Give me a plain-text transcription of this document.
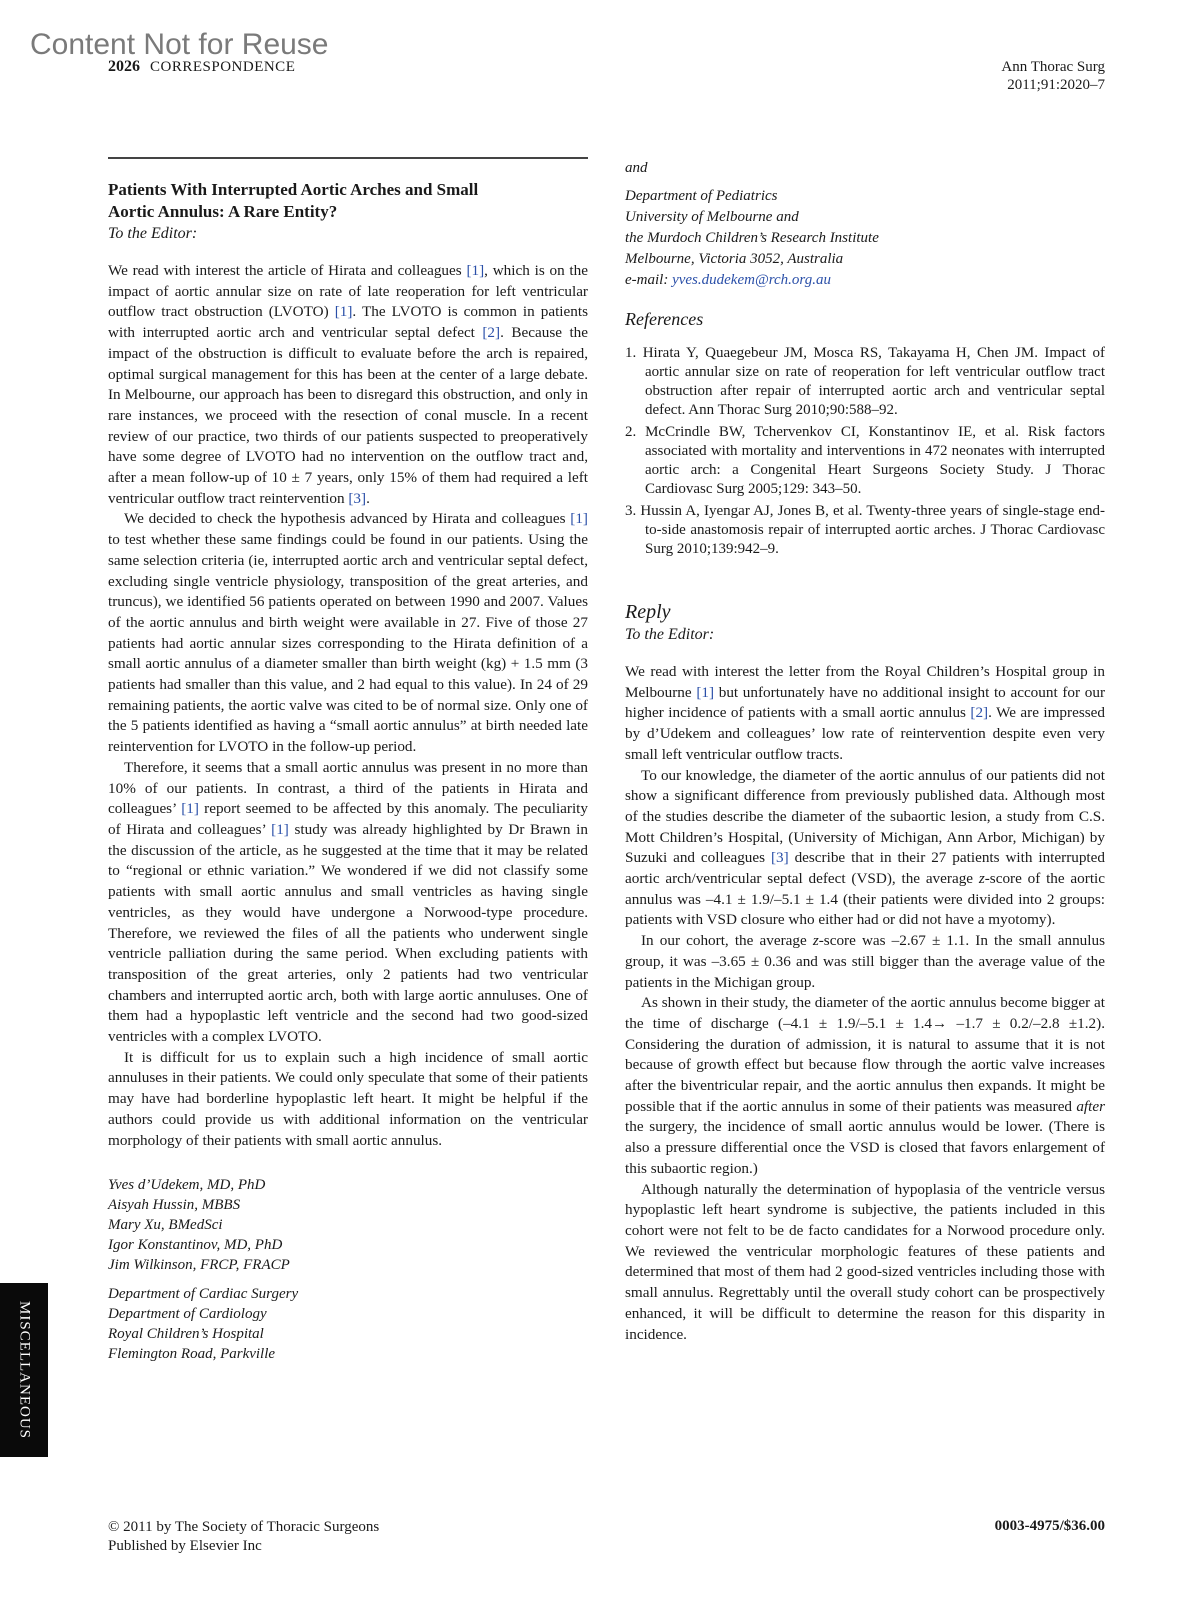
Content Not for Reuse
2026 CORRESPONDENCE	Ann Thorac Surg
2011;91:2020–7
Patients With Interrupted Aortic Arches and Small
Aortic Annulus: A Rare Entity?
To the Editor:

We read with interest the article of Hirata and colleagues [1], which is on the impact of aortic annular size on rate of late reoperation for left ventricular outflow tract obstruction (LVOTO) [1]. The LVOTO is common in patients with interrupted aortic arch and ventricular septal defect [2]. Because the impact of the obstruction is difficult to evaluate before the arch is repaired, optimal surgical management for this has been at the center of a large debate. In Melbourne, our approach has been to disregard this obstruction, and only in rare instances, we proceed with the resection of conal muscle. In a recent review of our practice, two thirds of our patients suspected to preoperatively have some degree of LVOTO had no intervention on the outflow tract and, after a mean follow-up of 10 ± 7 years, only 15% of them had required a left ventricular outflow tract reintervention [3].

We decided to check the hypothesis advanced by Hirata and colleagues [1] to test whether these same findings could be found in our patients. Using the same selection criteria (ie, interrupted aortic arch and ventricular septal defect, excluding single ventricle physiology, transposition of the great arteries, and truncus), we identified 56 patients operated on between 1990 and 2007. Values of the aortic annulus and birth weight were available in 27. Five of those 27 patients had aortic annular sizes corresponding to the Hirata definition of a small aortic annulus of a diameter smaller than birth weight (kg) + 1.5 mm (3 patients had smaller than this value, and 2 had equal to this value). In 24 of 29 remaining patients, the aortic valve was cited to be of normal size. Only one of the 5 patients identified as having a “small aortic annulus” at birth needed late reintervention for LVOTO in the follow-up period.

Therefore, it seems that a small aortic annulus was present in no more than 10% of our patients. In contrast, a third of the patients in Hirata and colleagues’ [1] report seemed to be affected by this anomaly. The peculiarity of Hirata and colleagues’ [1] study was already highlighted by Dr Brawn in the discussion of the article, as he suggested at the time that it may be related to “regional or ethnic variation.” We wondered if we did not classify some patients with small aortic annulus and small ventricles as having single ventricles, as they would have undergone a Norwood-type procedure. Therefore, we reviewed the files of all the patients who underwent single ventricle palliation during the same period. When excluding patients with transposition of the great arteries, only 2 patients had two ventricular chambers and interrupted aortic arch, both with large aortic annuluses. One of them had a hypoplastic left ventricle and the second had two good-sized ventricles with a complex LVOTO.

It is difficult for us to explain such a high incidence of small aortic annuluses in their patients. We could only speculate that some of their patients may have had borderline hypoplastic left heart. It might be helpful if the authors could provide us with additional information on the ventricular morphology of their patients with small aortic annulus.

Yves d’Udekem, MD, PhD
Aisyah Hussin, MBBS
Mary Xu, BMedSci
Igor Konstantinov, MD, PhD
Jim Wilkinson, FRCP, FRACP
Department of Cardiac Surgery
Department of Cardiology
Royal Children’s Hospital
Flemington Road, Parkville
and
Department of Pediatrics
University of Melbourne and
the Murdoch Children’s Research Institute
Melbourne, Victoria 3052, Australia
e-mail: yves.dudekem@rch.org.au
References
1. Hirata Y, Quaegebeur JM, Mosca RS, Takayama H, Chen JM. Impact of aortic annular size on rate of reoperation for left ventricular outflow tract obstruction after repair of interrupted aortic arch and ventricular septal defect. Ann Thorac Surg 2010;90:588–92.
2. McCrindle BW, Tchervenkov CI, Konstantinov IE, et al. Risk factors associated with mortality and interventions in 472 neonates with interrupted aortic arch: a Congenital Heart Surgeons Society Study. J Thorac Cardiovasc Surg 2005;129: 343–50.
3. Hussin A, Iyengar AJ, Jones B, et al. Twenty-three years of single-stage end-to-side anastomosis repair of interrupted aortic arches. J Thorac Cardiovasc Surg 2010;139:942–9.
Reply
To the Editor:

We read with interest the letter from the Royal Children’s Hospital group in Melbourne [1] but unfortunately have no additional insight to account for our higher incidence of patients with a small aortic annulus [2]. We are impressed by d’Udekem and colleagues’ low rate of reintervention despite even very small left ventricular outflow tracts.

To our knowledge, the diameter of the aortic annulus of our patients did not show a significant difference from previously published data. Although most of the studies describe the diameter of the subaortic lesion, a study from C.S. Mott Children’s Hospital, (University of Michigan, Ann Arbor, Michigan) by Suzuki and colleagues [3] describe that in their 27 patients with interrupted aortic arch/ventricular septal defect (VSD), the average z-score of the aortic annulus was –4.1 ± 1.9/–5.1 ± 1.4 (their patients were divided into 2 groups: patients with VSD closure who either had or did not have a myotomy).

In our cohort, the average z-score was –2.67 ± 1.1. In the small annulus group, it was –3.65 ± 0.36 and was still bigger than the average value of the patients in the Michigan group.

As shown in their study, the diameter of the aortic annulus become bigger at the time of discharge (–4.1 ± 1.9/–5.1 ± 1.4→ –1.7 ± 0.2/–2.8 ±1.2). Considering the duration of admission, it is natural to assume that it is not because of growth effect but because flow through the aortic valve increases after the biventricular repair, and the aortic annulus then expands. It might be possible that if the aortic annulus in some of their patients was measured after the surgery, the incidence of small aortic annulus would be lower. (There is also a pressure differential once the VSD is closed that favors enlargement of this subaortic region.)

Although naturally the determination of hypoplasia of the ventricle versus hypoplastic left heart syndrome is subjective, the patients included in this cohort were not felt to be de facto candidates for a Norwood procedure only. We reviewed the ventricular morphologic features of these patients and determined that most of them had 2 good-sized ventricles including those with small annulus. Regrettably until the overall study cohort can be prospectively enhanced, it will be difficult to determine the reason for this disparity in incidence.

MISCELLANEOUS
© 2011 by The Society of Thoracic Surgeons
Published by Elsevier Inc
0003-4975/$36.00
